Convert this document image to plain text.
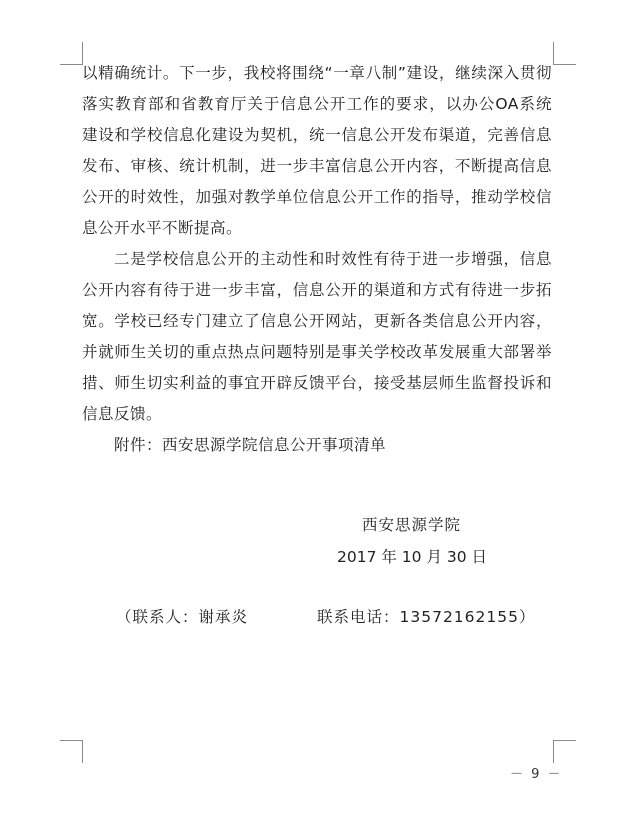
以精确统计。下一步，我校将围绕“一章八制”建设，继续深入贯彻落实教育部和省教育厅关于信息公开工作的要求，以办公OA系统建设和学校信息化建设为契机，统一信息公开发布渠道，完善信息发布、审核、统计机制，进一步丰富信息公开内容，不断提高信息公开的时效性，加强对教学单位信息公开工作的指导，推动学校信息公开水平不断提高。

二是学校信息公开的主动性和时效性有待于进一步增强，信息公开内容有待于进一步丰富，信息公开的渠道和方式有待进一步拓宽。学校已经专门建立了信息公开网站，更新各类信息公开内容，并就师生关切的重点热点问题特别是事关学校改革发展重大部署举措、师生切实利益的事宜开辟反馈平台，接受基层师生监督投诉和信息反馈。

附件：西安思源学院信息公开事项清单

西安思源学院
2017 年 10 月 30 日
（联系人：谢承炎	联系电话：13572162155）
－ 9 －
